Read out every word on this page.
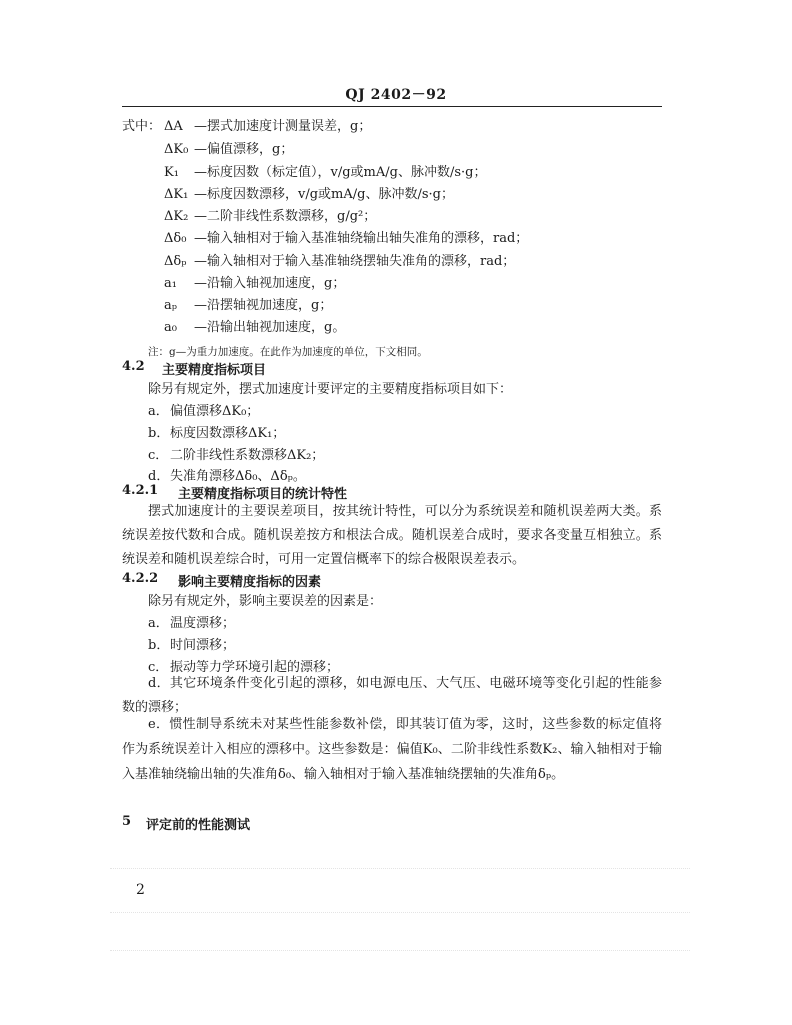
QJ 2402－92
式中： ΔA —摆式加速度计测量误差，g；
ΔK₀ —偏值漂移，g；
K₁ —标度因数（标定值），v/g或mA/g、脉冲数/s·g；
ΔK₁ —标度因数漂移，v/g或mA/g、脉冲数/s·g；
ΔK₂ —二阶非线性系数漂移，g/g²；
Δδ₀ —输入轴相对于输入基准轴绕输出轴失准角的漂移，rad；
Δδₚ —输入轴相对于输入基准轴绕摆轴失准角的漂移，rad；
a₁ —沿输入轴视加速度，g；
aₚ —沿摆轴视加速度，g；
a₀ —沿输出轴视加速度，g。
注：g—为重力加速度。在此作为加速度的单位，下文相同。
4.2 主要精度指标项目
除另有规定外，摆式加速度计要评定的主要精度指标项目如下：
a． 偏值漂移ΔK₀；
b． 标度因数漂移ΔK₁；
c． 二阶非线性系数漂移ΔK₂；
d． 失准角漂移Δδ₀、Δδₚ。
4.2.1 主要精度指标项目的统计特性
摆式加速度计的主要误差项目，按其统计特性，可以分为系统误差和随机误差两大类。系统误差按代数和合成。随机误差按方和根法合成。随机误差合成时，要求各变量互相独立。系统误差和随机误差综合时，可用一定置信概率下的综合极限误差表示。
4.2.2 影响主要精度指标的因素
除另有规定外，影响主要误差的因素是：
a． 温度漂移；
b． 时间漂移；
c． 振动等力学环境引起的漂移；
d．其它环境条件变化引起的漂移，如电源电压、大气压、电磁环境等变化引起的性能参数的漂移；
e．惯性制导系统未对某些性能参数补偿，即其装订值为零，这时，这些参数的标定值将作为系统误差计入相应的漂移中。这些参数是：偏值K₀、二阶非线性系数K₂、输入轴相对于输入基准轴绕输出轴的失准角δ₀、输入轴相对于输入基准轴绕摆轴的失准角δₚ。
5 评定前的性能测试
2
